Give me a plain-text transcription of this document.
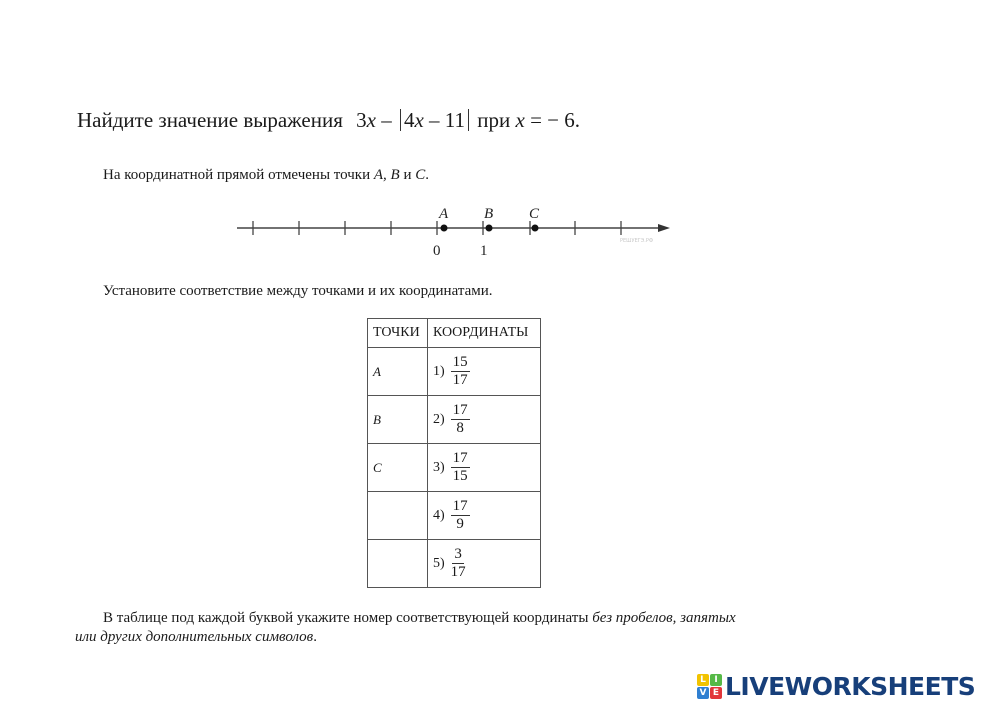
Найдите значение выражения 3x – 4x – 11 при x = − 6.
На координатной прямой отмечены точки A, B и C.
A B C
0	1
РЕШУЕГЭ.РФ
Установите соответствие между точками и их координатами.
ТОЧКИ	КООРДИНАТЫ
A	$1) \frac{15}{17}$

B	$2) \frac{17}{8}$

C	$3) \frac{17}{15}$

	$4) \frac{17}{9}$

	$5) \frac{3}{17}$
В таблице под каждой буквой укажите номер соответствующей координаты без пробелов, запятых
или других дополнительных символов.
L I
V E LIVEWORKSHEETS
